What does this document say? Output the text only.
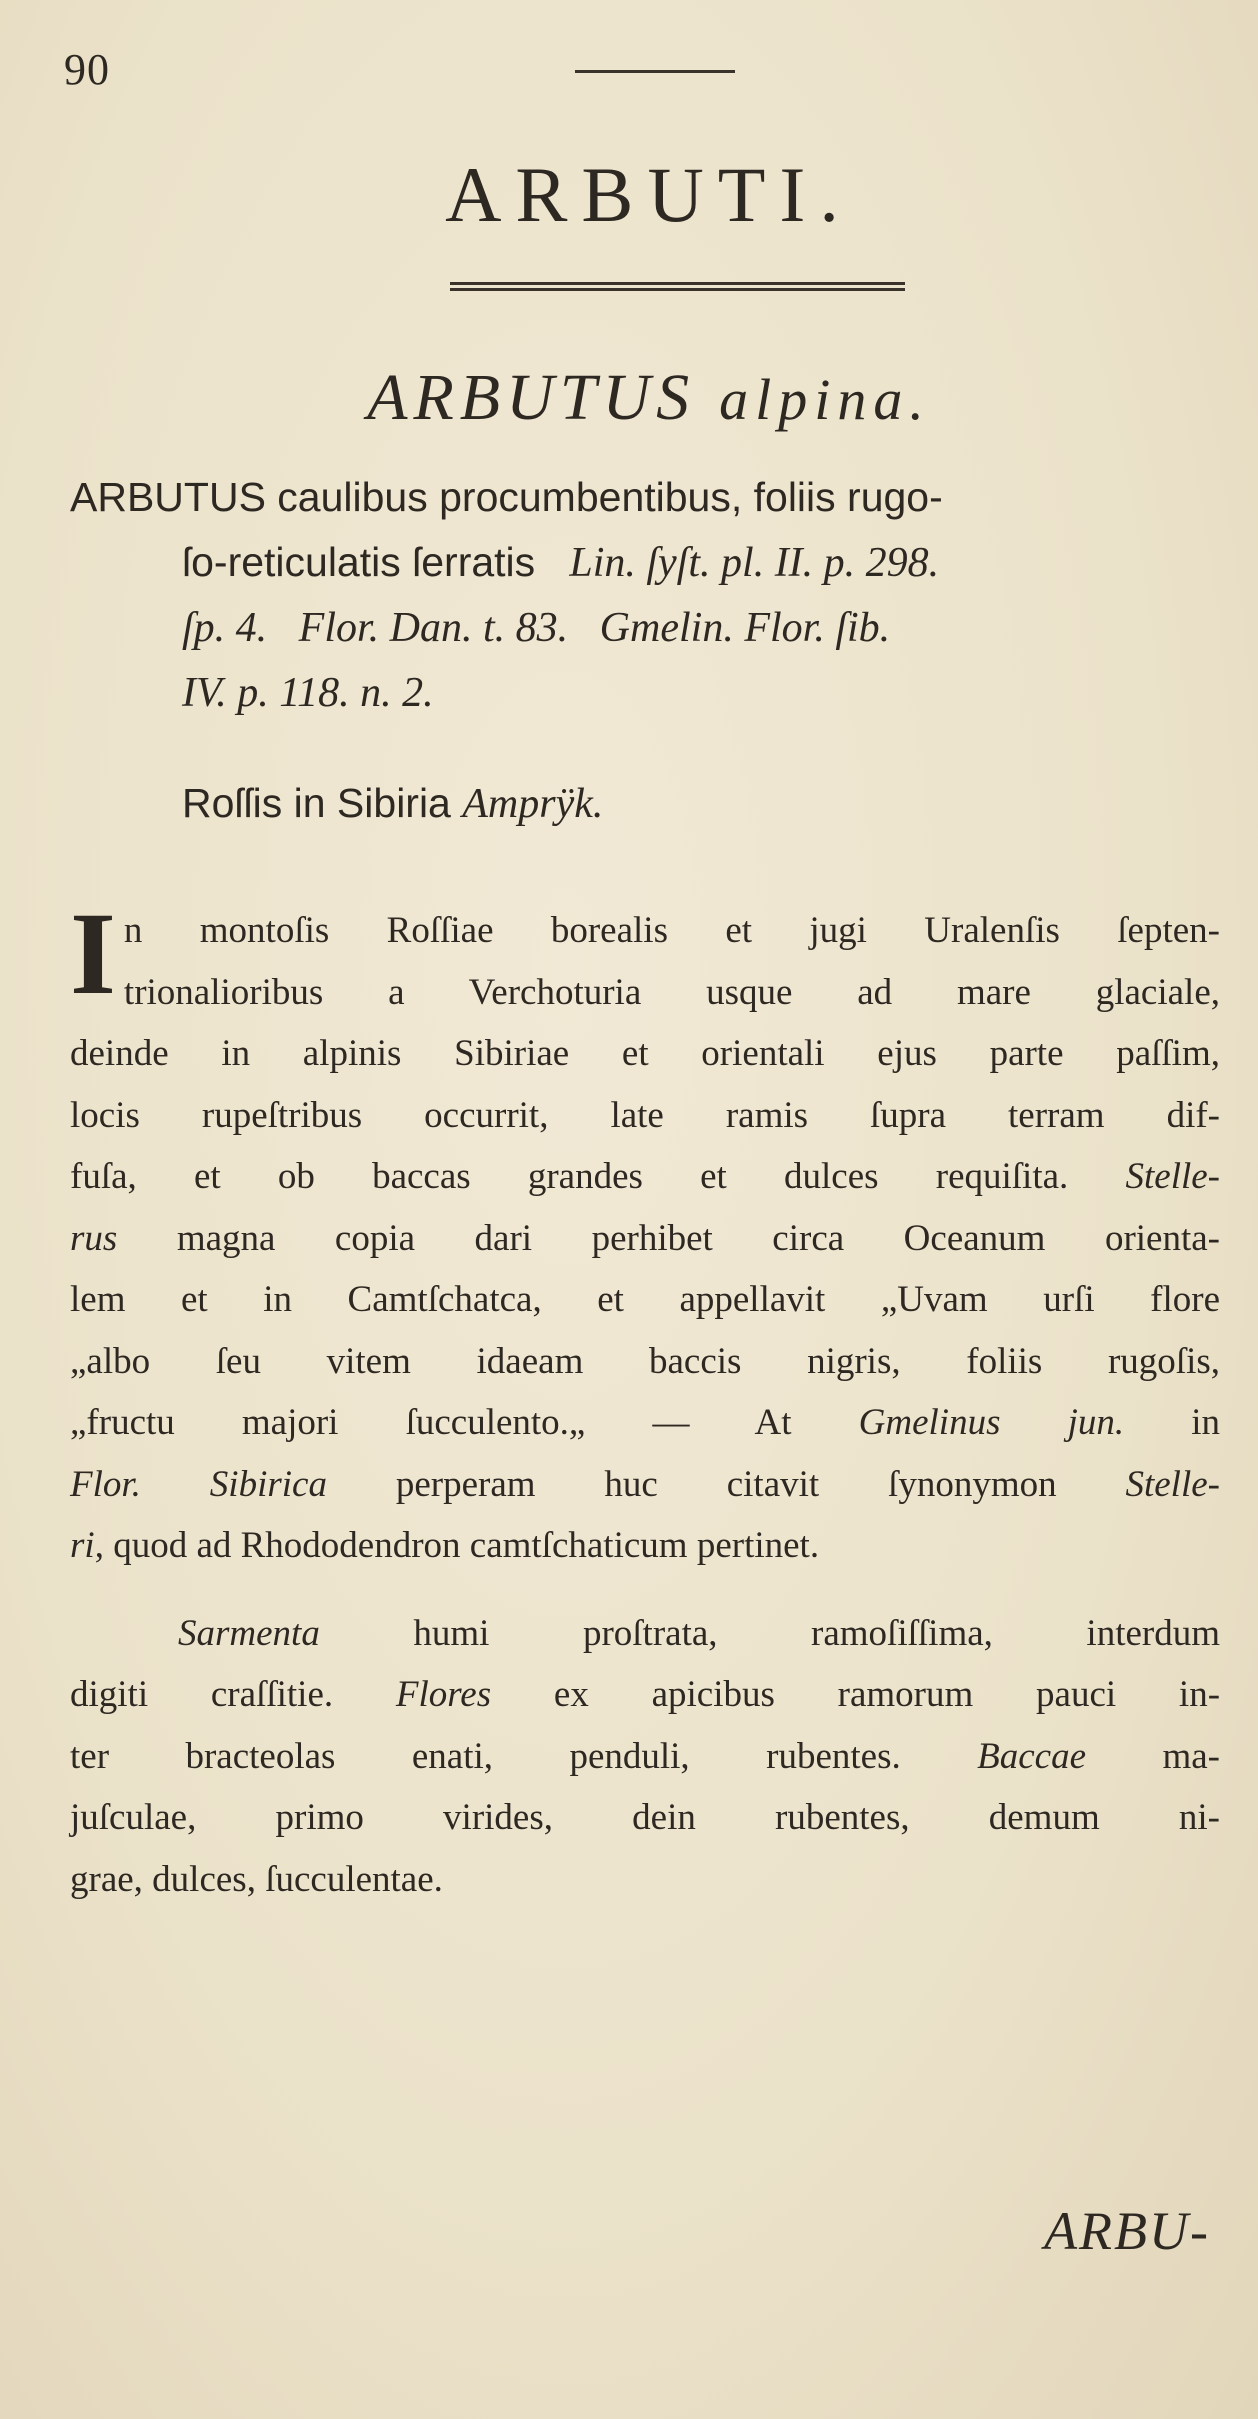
90
ARBUTI.
ARBUTUS alpina.
ARBUTUS caulibus procumbentibus, foliis rugo-
ſo-reticulatis ſerratis Lin. ſyſt. pl. II. p. 298.
ſp. 4.   Flor. Dan. t. 83.   Gmelin. Flor. ſib.
IV. p. 118. n. 2.
Roſſis in Sibiria Amprÿk.
I n montoſis Roſſiae borealis et jugi Uralenſis ſepten-
trionalioribus a Verchoturia usque ad mare glaciale,
deinde in alpinis Sibiriae et orientali ejus parte paſſim,
locis rupeſtribus occurrit, late ramis ſupra terram dif-
fuſa, et ob baccas grandes et dulces requiſita. Stelle-
rus magna copia dari perhibet circa Oceanum orienta-
lem et in Camtſchatca, et appellavit „Uvam urſi flore
„albo ſeu vitem idaeam baccis nigris, foliis rugoſis,
„fructu majori ſucculento.„ — At Gmelinus jun. in
Flor. Sibirica perperam huc citavit ſynonymon Stelle-
ri, quod ad Rhododendron camtſchaticum pertinet.
Sarmenta	humi proſtrata, ramoſiſſima, interdum
digiti craſſitie. Flores ex apicibus ramorum pauci in-
ter bracteolas enati, penduli, rubentes. Baccae ma-
juſculae, primo virides, dein rubentes, demum ni-
grae, dulces, ſucculentae.
ARBU-
